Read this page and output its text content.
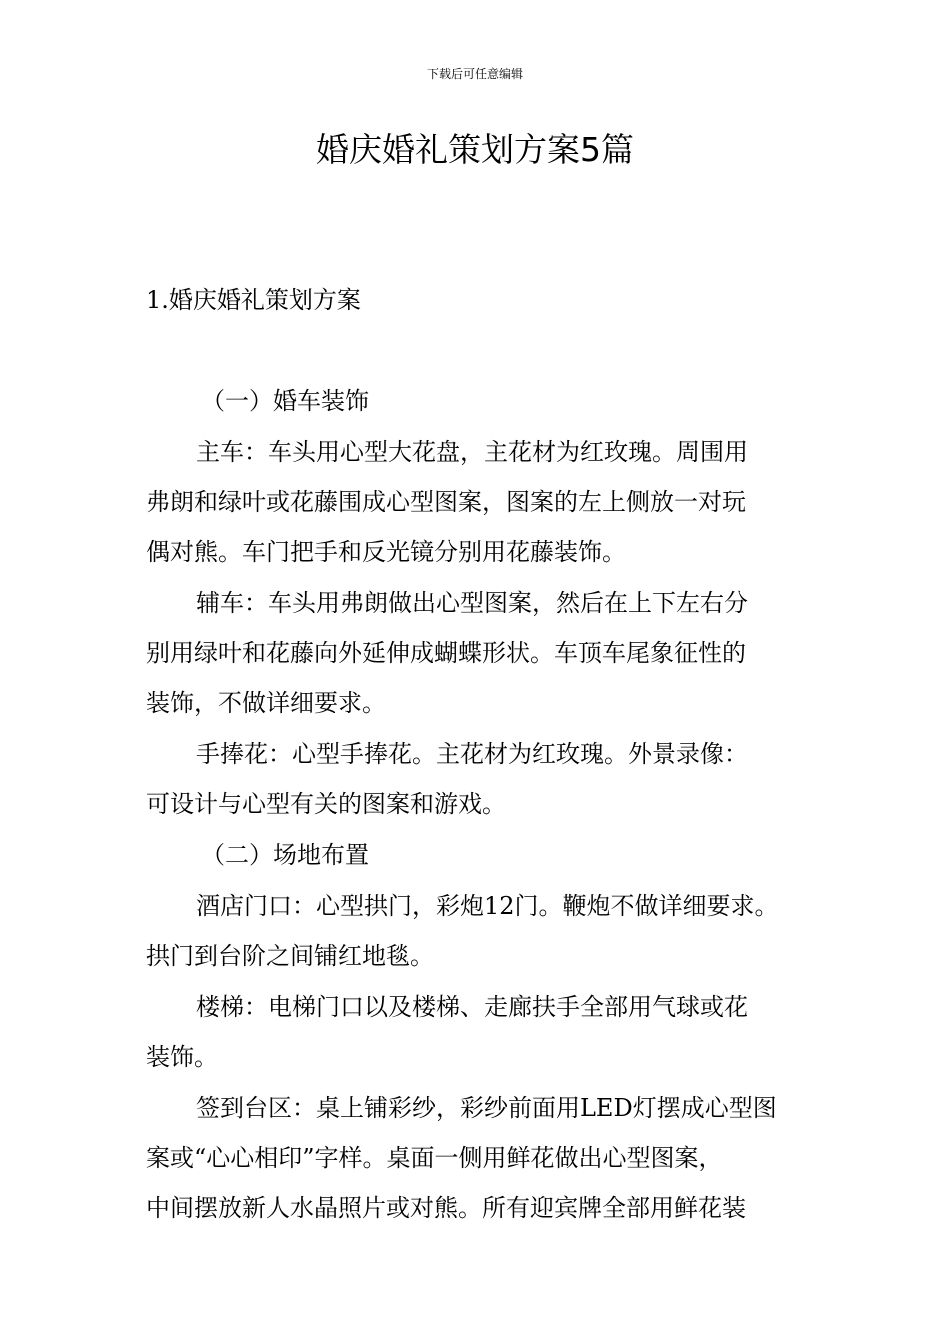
下载后可任意编辑
婚庆婚礼策划方案5篇
1.婚庆婚礼策划方案
（一）婚车装饰
主车：车头用心型大花盘，主花材为红玫瑰。周围用
弗朗和绿叶或花藤围成心型图案，图案的左上侧放一对玩
偶对熊。车门把手和反光镜分别用花藤装饰。
辅车：车头用弗朗做出心型图案，然后在上下左右分
别用绿叶和花藤向外延伸成蝴蝶形状。车顶车尾象征性的
装饰，不做详细要求。
手捧花：心型手捧花。主花材为红玫瑰。外景录像：
可设计与心型有关的图案和游戏。
（二）场地布置
酒店门口：心型拱门，彩炮12门。鞭炮不做详细要求。
拱门到台阶之间铺红地毯。
楼梯：电梯门口以及楼梯、走廊扶手全部用气球或花
装饰。
签到台区：桌上铺彩纱，彩纱前面用LED灯摆成心型图
案或“心心相印”字样。桌面一侧用鲜花做出心型图案，
中间摆放新人水晶照片或对熊。所有迎宾牌全部用鲜花装
